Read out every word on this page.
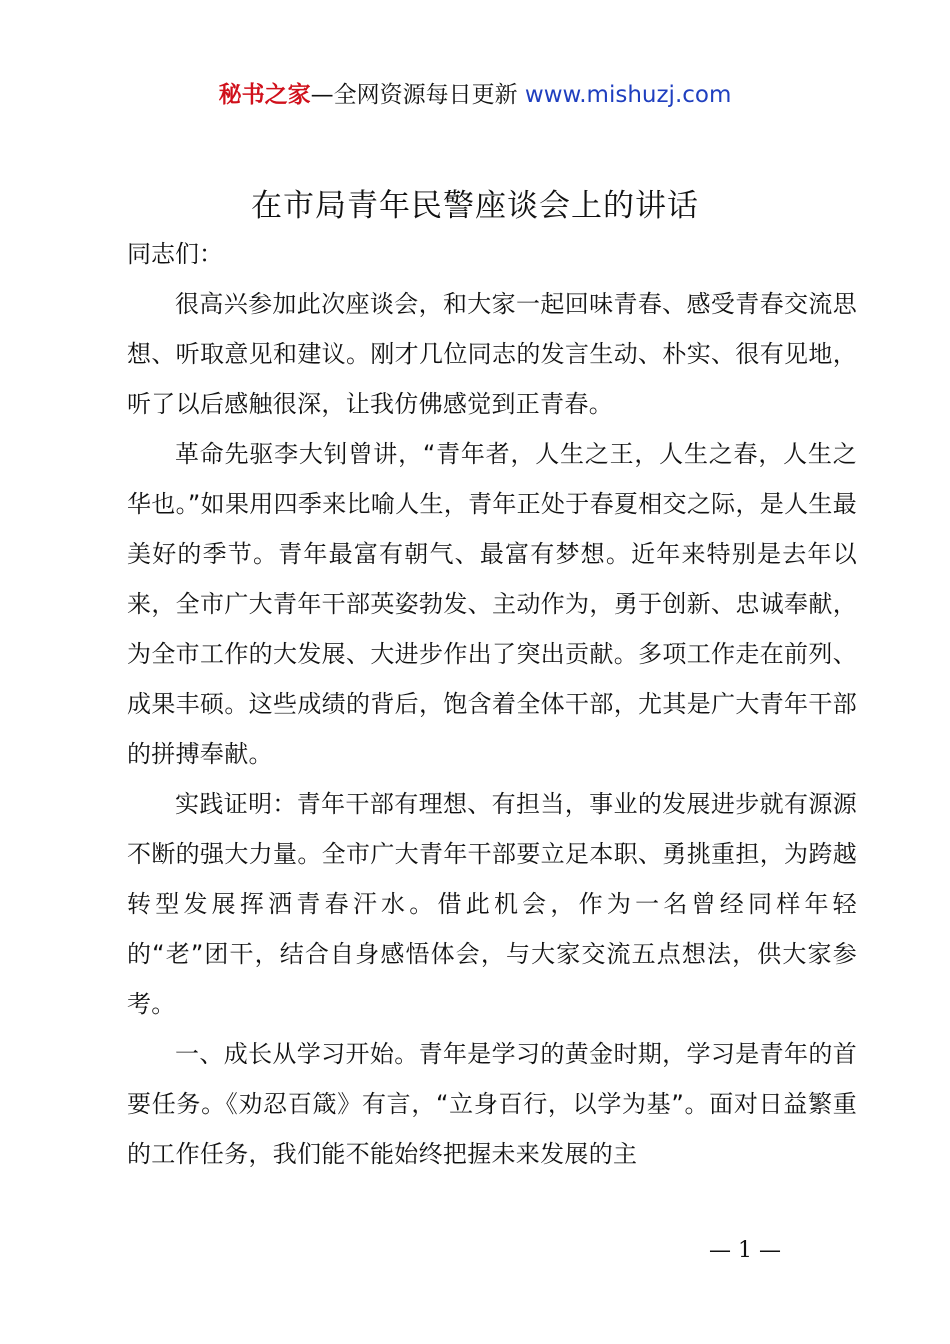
秘书之家—全网资源每日更新 www.mishuzj.com
在市局青年民警座谈会上的讲话

同志们：

很高兴参加此次座谈会，和大家一起回味青春、感受青春交流思想、听取意见和建议。刚才几位同志的发言生动、朴实、很有见地，听了以后感触很深，让我仿佛感觉到正青春。

革命先驱李大钊曾讲，“青年者，人生之王，人生之春，人生之华也。”如果用四季来比喻人生，青年正处于春夏相交之际，是人生最美好的季节。青年最富有朝气、最富有梦想。近年来特别是去年以来，全市广大青年干部英姿勃发、主动作为，勇于创新、忠诚奉献，为全市工作的大发展、大进步作出了突出贡献。多项工作走在前列、成果丰硕。这些成绩的背后，饱含着全体干部，尤其是广大青年干部的拼搏奉献。

实践证明：青年干部有理想、有担当，事业的发展进步就有源源不断的强大力量。全市广大青年干部要立足本职、勇挑重担，为跨越转型发展挥洒青春汗水。借此机会，作为一名曾经同样年轻的“老”团干，结合自身感悟体会，与大家交流五点想法，供大家参考。

一、成长从学习开始。青年是学习的黄金时期，学习是青年的首要任务。《劝忍百箴》有言，“立身百行，以学为基”。面对日益繁重的工作任务，我们能不能始终把握未来发展的主

— 1 —
